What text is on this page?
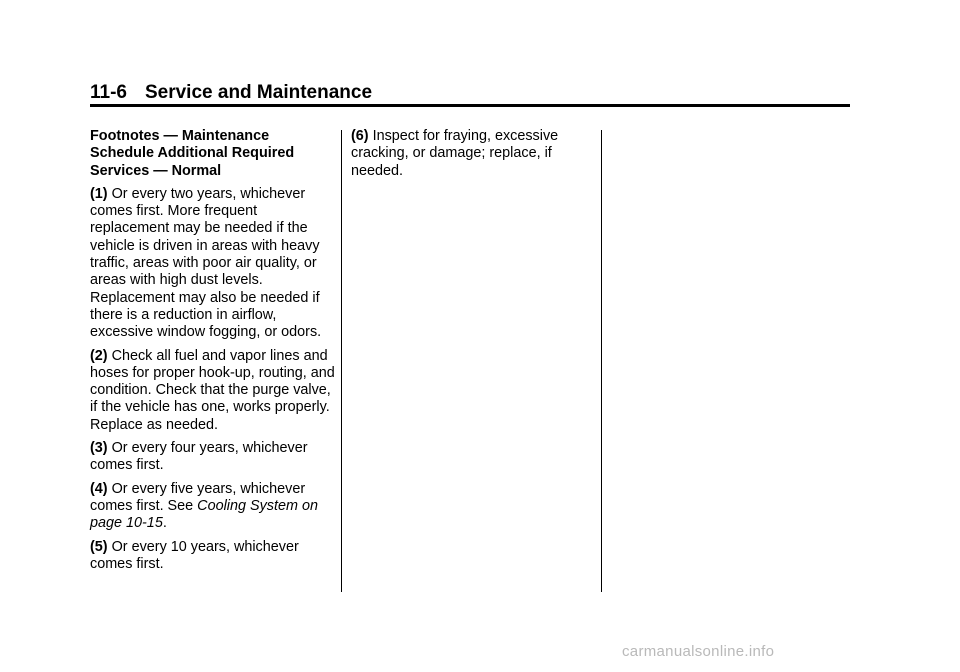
11-6 Service and Maintenance

Footnotes — Maintenance Schedule Additional Required Services — Normal

(1) Or every two years, whichever comes first. More frequent replacement may be needed if the vehicle is driven in areas with heavy traffic, areas with poor air quality, or areas with high dust levels. Replacement may also be needed if there is a reduction in airflow, excessive window fogging, or odors.

(2) Check all fuel and vapor lines and hoses for proper hook-up, routing, and condition. Check that the purge valve, if the vehicle has one, works properly. Replace as needed.

(3) Or every four years, whichever comes first.

(4) Or every five years, whichever comes first. See Cooling System on page 10-15.

(5) Or every 10 years, whichever comes first.

(6) Inspect for fraying, excessive cracking, or damage; replace, if needed.

carmanualsonline.info
